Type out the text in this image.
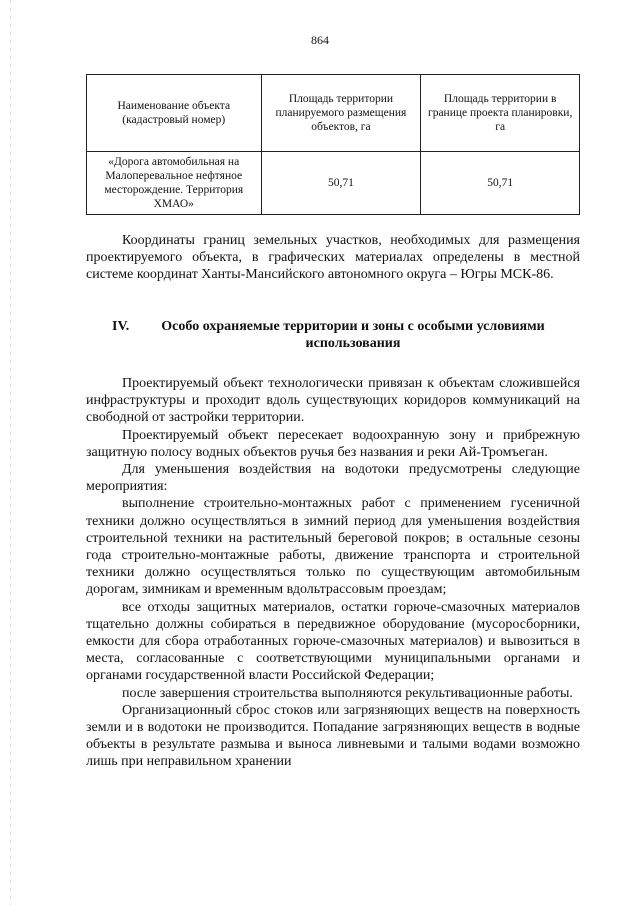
864
Наименование объекта (кадастровый номер)	Площадь территории планируемого размещения объектов, га	Площадь территории в границе проекта планировки, га
«Дорога автомобильная на Малоперевальное нефтяное месторождение. Территория ХМАО»	50,71	50,71

Координаты границ земельных участков, необходимых для размещения проектируемого объекта, в графических материалах определены в местной системе координат Ханты-Мансийского автономного округа – Югры МСК-86.

IV.	Особо охраняемые территории и зоны с особыми условиями использования

Проектируемый объект технологически привязан к объектам сложившейся инфраструктуры и проходит вдоль существующих коридоров коммуникаций на свободной от застройки территории.

Проектируемый объект пересекает водоохранную зону и прибрежную защитную полосу водных объектов ручья без названия и реки Ай-Тромъеган.

Для уменьшения воздействия на водотоки предусмотрены следующие мероприятия:

выполнение строительно-монтажных работ с применением гусеничной техники должно осуществляться в зимний период для уменьшения воздействия строительной техники на растительный береговой покров; в остальные сезоны года строительно-монтажные работы, движение транспорта и строительной техники должно осуществляться только по существующим автомобильным дорогам, зимникам и временным вдольтрассовым проездам;

все отходы защитных материалов, остатки горюче-смазочных материалов тщательно должны собираться в передвижное оборудование (мусоросборники, емкости для сбора отработанных горюче-смазочных материалов) и вывозиться в места, согласованные с соответствующими муниципальными органами и органами государственной власти Российской Федерации;

после завершения строительства выполняются рекультивационные работы.

Организационный сброс стоков или загрязняющих веществ на поверхность земли и в водотоки не производится. Попадание загрязняющих веществ в водные объекты в результате размыва и выноса ливневыми и талыми водами возможно лишь при неправильном хранении
